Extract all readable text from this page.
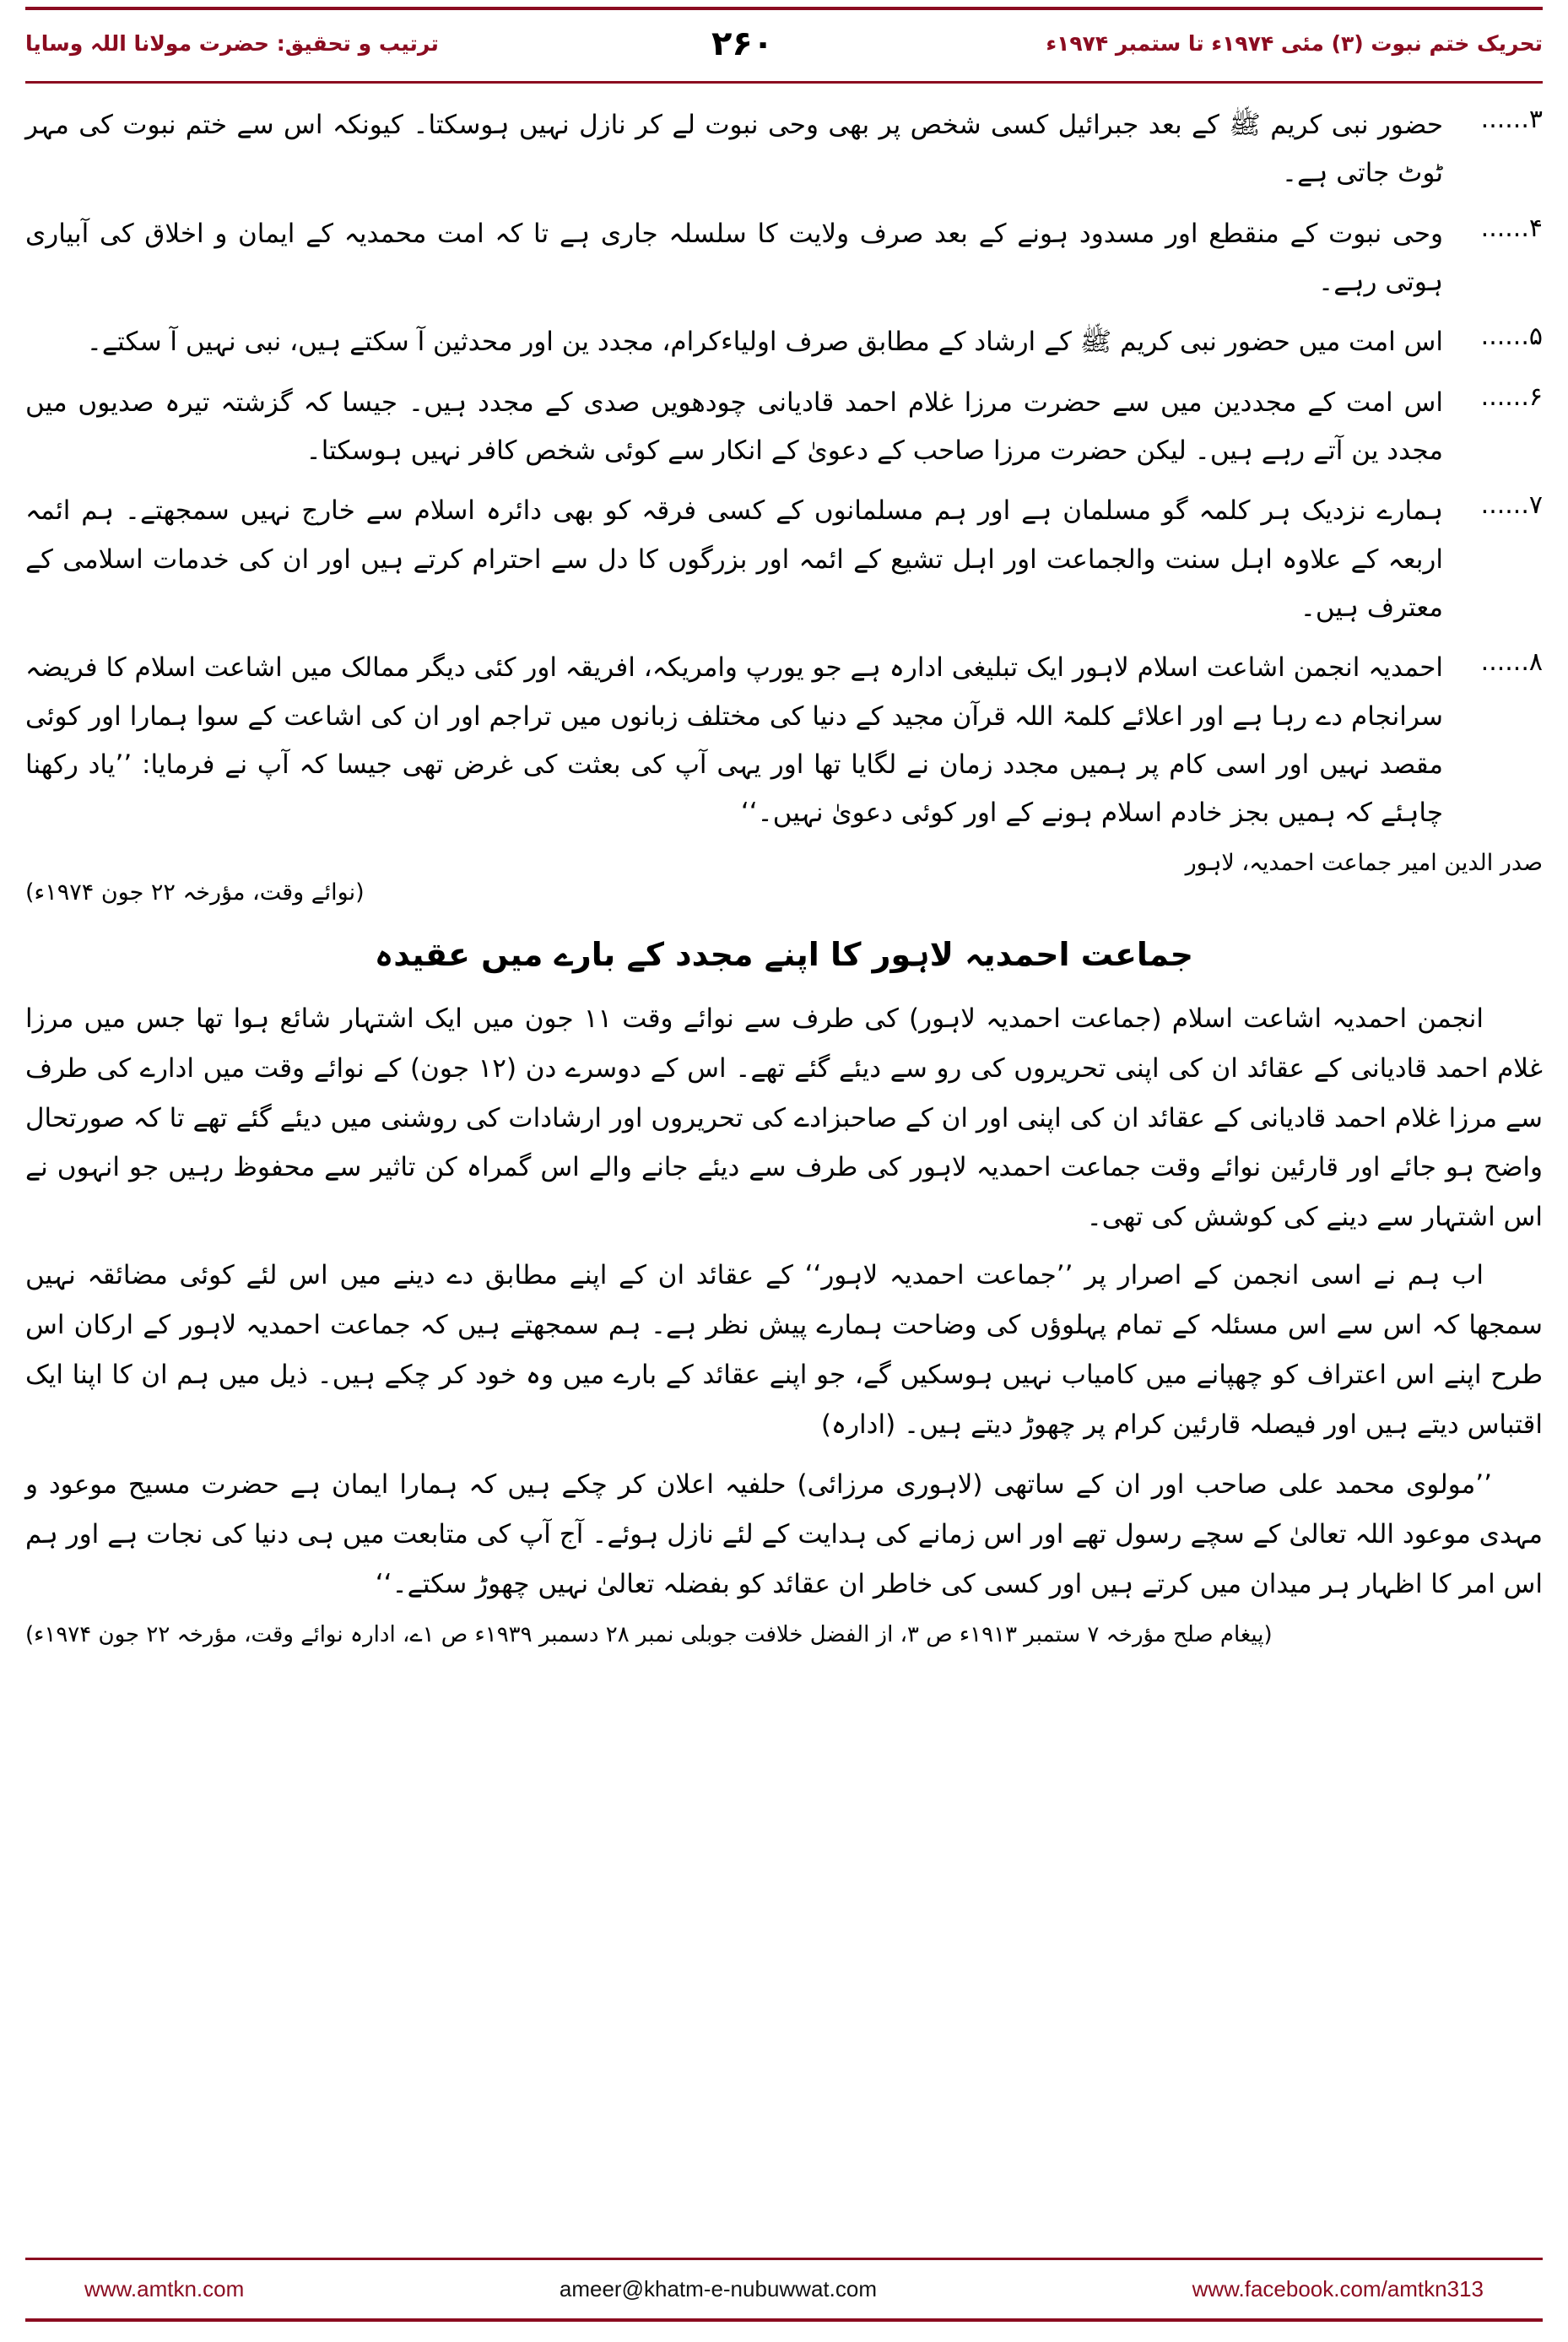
تحریک ختم نبوت (۳) مئی ۱۹۷۴ء تا ستمبر ۱۹۷۴ء
۲۶۰
ترتیب و تحقیق: حضرت مولانا اللہ وسایا
۳......
حضور نبی کریم ﷺ کے بعد جبرائیل کسی شخص پر بھی وحی نبوت لے کر نازل نہیں ہوسکتا۔ کیونکہ اس سے ختم نبوت کی مہر ٹوٹ جاتی ہے۔
۴......
وحی نبوت کے منقطع اور مسدود ہونے کے بعد صرف ولایت کا سلسلہ جاری ہے تا کہ امت محمدیہ کے ایمان و اخلاق کی آبیاری ہوتی رہے۔
۵......
اس امت میں حضور نبی کریم ﷺ کے ارشاد کے مطابق صرف اولیاءکرام، مجدد ین اور محدثین آ سکتے ہیں، نبی نہیں آ سکتے۔
۶......
اس امت کے مجددین میں سے حضرت مرزا غلام احمد قادیانی چودھویں صدی کے مجدد ہیں۔ جیسا کہ گزشتہ تیرہ صدیوں میں مجدد ین آتے رہے ہیں۔ لیکن حضرت مرزا صاحب کے دعویٰ کے انکار سے کوئی شخص کافر نہیں ہوسکتا۔
۷......
ہمارے نزدیک ہر کلمہ گو مسلمان ہے اور ہم مسلمانوں کے کسی فرقہ کو بھی دائرہ اسلام سے خارج نہیں سمجھتے۔ ہم ائمہ اربعہ کے علاوہ اہل سنت والجماعت اور اہل تشیع کے ائمہ اور بزرگوں کا دل سے احترام کرتے ہیں اور ان کی خدمات اسلامی کے معترف ہیں۔
۸......
احمدیہ انجمن اشاعت اسلام لاہور ایک تبلیغی ادارہ ہے جو یورپ وامریکہ، افریقہ اور کئی دیگر ممالک میں اشاعت اسلام کا فریضہ سرانجام دے رہا ہے اور اعلائے کلمۃ اللہ قرآن مجید کے دنیا کی مختلف زبانوں میں تراجم اور ان کی اشاعت کے سوا ہمارا اور کوئی مقصد نہیں اور اسی کام پر ہمیں مجدد زمان نے لگایا تھا اور یہی آپ کی بعثت کی غرض تھی جیسا کہ آپ نے فرمایا: ’’یاد رکھنا چاہئے کہ ہمیں بجز خادم اسلام ہونے کے اور کوئی دعویٰ نہیں۔‘‘
صدر الدین امیر جماعت احمدیہ، لاہور
(نوائے وقت، مؤرخہ ۲۲ جون ۱۹۷۴ء)
جماعت احمدیہ لاہور کا اپنے مجدد کے بارے میں عقیدہ

انجمن احمدیہ اشاعت اسلام (جماعت احمدیہ لاہور) کی طرف سے نوائے وقت ۱۱ جون میں ایک اشتہار شائع ہوا تھا جس میں مرزا غلام احمد قادیانی کے عقائد ان کی اپنی تحریروں کی رو سے دیئے گئے تھے۔ اس کے دوسرے دن (۱۲ جون) کے نوائے وقت میں ادارے کی طرف سے مرزا غلام احمد قادیانی کے عقائد ان کی اپنی اور ان کے صاحبزادے کی تحریروں اور ارشادات کی روشنی میں دیئے گئے تھے تا کہ صورتحال واضح ہو جائے اور قارئین نوائے وقت جماعت احمدیہ لاہور کی طرف سے دیئے جانے والے اس گمراہ کن تاثیر سے محفوظ رہیں جو انہوں نے اس اشتہار سے دینے کی کوشش کی تھی۔

اب ہم نے اسی انجمن کے اصرار پر ’’جماعت احمدیہ لاہور‘‘ کے عقائد ان کے اپنے مطابق دے دینے میں اس لئے کوئی مضائقہ نہیں سمجھا کہ اس سے اس مسئلہ کے تمام پہلوؤں کی وضاحت ہمارے پیش نظر ہے۔ ہم سمجھتے ہیں کہ جماعت احمدیہ لاہور کے ارکان اس طرح اپنے اس اعتراف کو چھپانے میں کامیاب نہیں ہوسکیں گے، جو اپنے عقائد کے بارے میں وہ خود کر چکے ہیں۔ ذیل میں ہم ان کا اپنا ایک اقتباس دیتے ہیں اور فیصلہ قارئین کرام پر چھوڑ دیتے ہیں۔ (ادارہ)

’’مولوی محمد علی صاحب اور ان کے ساتھی (لاہوری مرزائی) حلفیہ اعلان کر چکے ہیں کہ ہمارا ایمان ہے حضرت مسیح موعود و مہدی موعود اللہ تعالیٰ کے سچے رسول تھے اور اس زمانے کی ہدایت کے لئے نازل ہوئے۔ آج آپ کی متابعت میں ہی دنیا کی نجات ہے اور ہم اس امر کا اظہار ہر میدان میں کرتے ہیں اور کسی کی خاطر ان عقائد کو بفضلہ تعالیٰ نہیں چھوڑ سکتے۔‘‘
(پیغام صلح مؤرخہ ۷ ستمبر ۱۹۱۳ء ص ۳، از الفضل خلافت جوبلی نمبر ۲۸ دسمبر ۱۹۳۹ء ص ۱ے، ادارہ نوائے وقت، مؤرخہ ۲۲ جون ۱۹۷۴ء)
www.amtkn.com	ameer@khatm-e-nubuwwat.com	www.facebook.com/amtkn313
